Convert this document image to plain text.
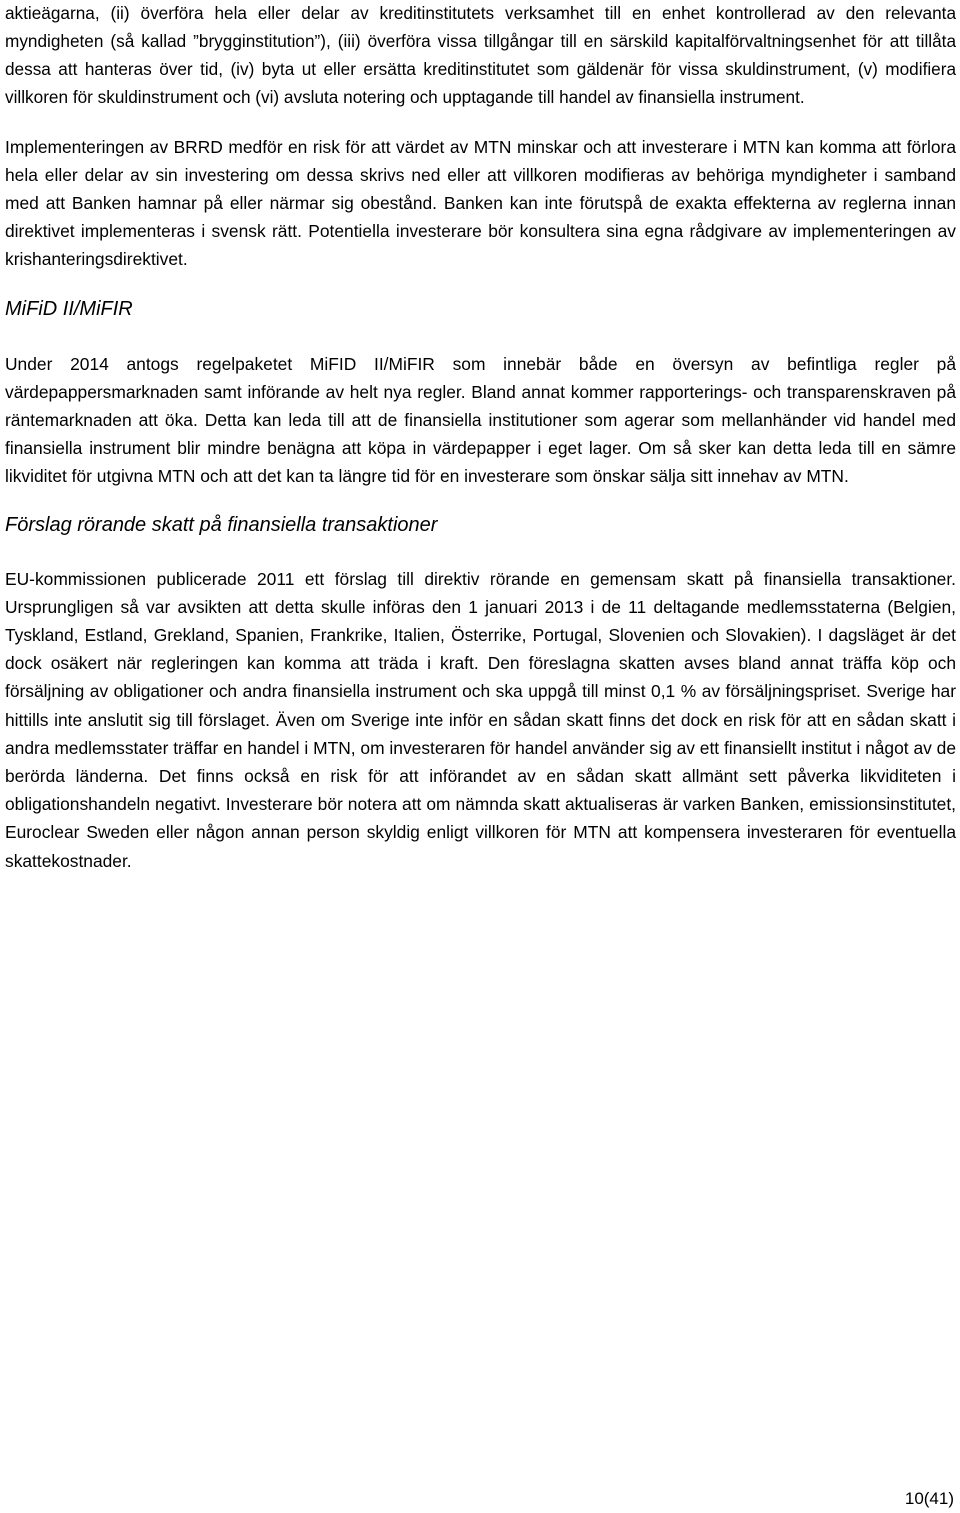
aktieägarna, (ii) överföra hela eller delar av kreditinstitutets verksamhet till en enhet kontrollerad av den relevanta myndigheten (så kallad ”brygginstitution”), (iii) överföra vissa tillgångar till en särskild kapitalförvaltningsenhet för att tillåta dessa att hanteras över tid, (iv) byta ut eller ersätta kreditinstitutet som gäldenär för vissa skuldinstrument, (v) modifiera villkoren för skuldinstrument och (vi) avsluta notering och upptagande till handel av finansiella instrument.

Implementeringen av BRRD medför en risk för att värdet av MTN minskar och att investerare i MTN kan komma att förlora hela eller delar av sin investering om dessa skrivs ned eller att villkoren modifieras av behöriga myndigheter i samband med att Banken hamnar på eller närmar sig obestånd. Banken kan inte förutspå de exakta effekterna av reglerna innan direktivet implementeras i svensk rätt. Potentiella investerare bör konsultera sina egna rådgivare av implementeringen av krishanteringsdirektivet.

MiFiD II/MiFIR

Under 2014 antogs regelpaketet MiFID II/MiFIR som innebär både en översyn av befintliga regler på värdepappersmarknaden samt införande av helt nya regler. Bland annat kommer rapporterings- och transparenskraven på räntemarknaden att öka. Detta kan leda till att de finansiella institutioner som agerar som mellanhänder vid handel med finansiella instrument blir mindre benägna att köpa in värdepapper i eget lager. Om så sker kan detta leda till en sämre likviditet för utgivna MTN och att det kan ta längre tid för en investerare som önskar sälja sitt innehav av MTN.

Förslag rörande skatt på finansiella transaktioner

EU-kommissionen publicerade 2011 ett förslag till direktiv rörande en gemensam skatt på finansiella transaktioner. Ursprungligen så var avsikten att detta skulle införas den 1 januari 2013 i de 11 deltagande medlemsstaterna (Belgien, Tyskland, Estland, Grekland, Spanien, Frankrike, Italien, Österrike, Portugal, Slovenien och Slovakien). I dagsläget är det dock osäkert när regleringen kan komma att träda i kraft. Den föreslagna skatten avses bland annat träffa köp och försäljning av obligationer och andra finansiella instrument och ska uppgå till minst 0,1 % av försäljningspriset. Sverige har hittills inte anslutit sig till förslaget. Även om Sverige inte inför en sådan skatt finns det dock en risk för att en sådan skatt i andra medlemsstater träffar en handel i MTN, om investeraren för handel använder sig av ett finansiellt institut i något av de berörda länderna. Det finns också en risk för att införandet av en sådan skatt allmänt sett påverka likviditeten i obligationshandeln negativt. Investerare bör notera att om nämnda skatt aktualiseras är varken Banken, emissionsinstitutet, Euroclear Sweden eller någon annan person skyldig enligt villkoren för MTN att kompensera investeraren för eventuella skattekostnader.

10(41)
